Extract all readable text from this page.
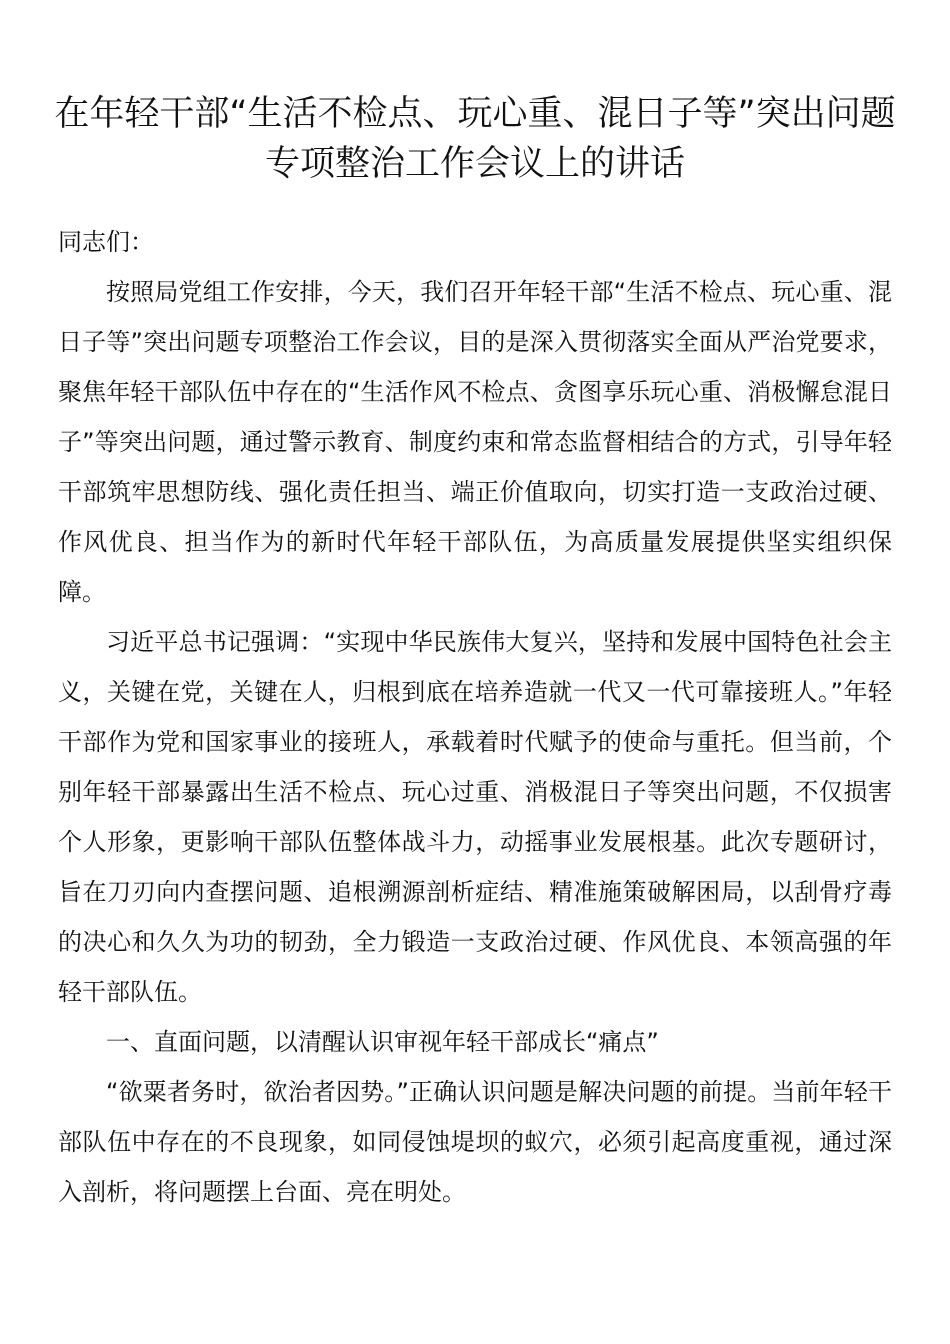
在年轻干部“生活不检点、玩心重、混日子等”突出问题专项整治工作会议上的讲话

同志们：

按照局党组工作安排，今天，我们召开年轻干部“生活不检点、玩心重、混日子等”突出问题专项整治工作会议，目的是深入贯彻落实全面从严治党要求，聚焦年轻干部队伍中存在的“生活作风不检点、贪图享乐玩心重、消极懈怠混日子”等突出问题，通过警示教育、制度约束和常态监督相结合的方式，引导年轻干部筑牢思想防线、强化责任担当、端正价值取向，切实打造一支政治过硬、作风优良、担当作为的新时代年轻干部队伍，为高质量发展提供坚实组织保障。

习近平总书记强调：“实现中华民族伟大复兴，坚持和发展中国特色社会主义，关键在党，关键在人，归根到底在培养造就一代又一代可靠接班人。”年轻干部作为党和国家事业的接班人，承载着时代赋予的使命与重托。但当前，个别年轻干部暴露出生活不检点、玩心过重、消极混日子等突出问题，不仅损害个人形象，更影响干部队伍整体战斗力，动摇事业发展根基。此次专题研讨，旨在刀刃向内查摆问题、追根溯源剖析症结、精准施策破解困局，以刮骨疗毒的决心和久久为功的韧劲，全力锻造一支政治过硬、作风优良、本领高强的年轻干部队伍。

一、直面问题，以清醒认识审视年轻干部成长“痛点”

“欲粟者务时，欲治者因势。”正确认识问题是解决问题的前提。当前年轻干部队伍中存在的不良现象，如同侵蚀堤坝的蚁穴，必须引起高度重视，通过深入剖析，将问题摆上台面、亮在明处。
